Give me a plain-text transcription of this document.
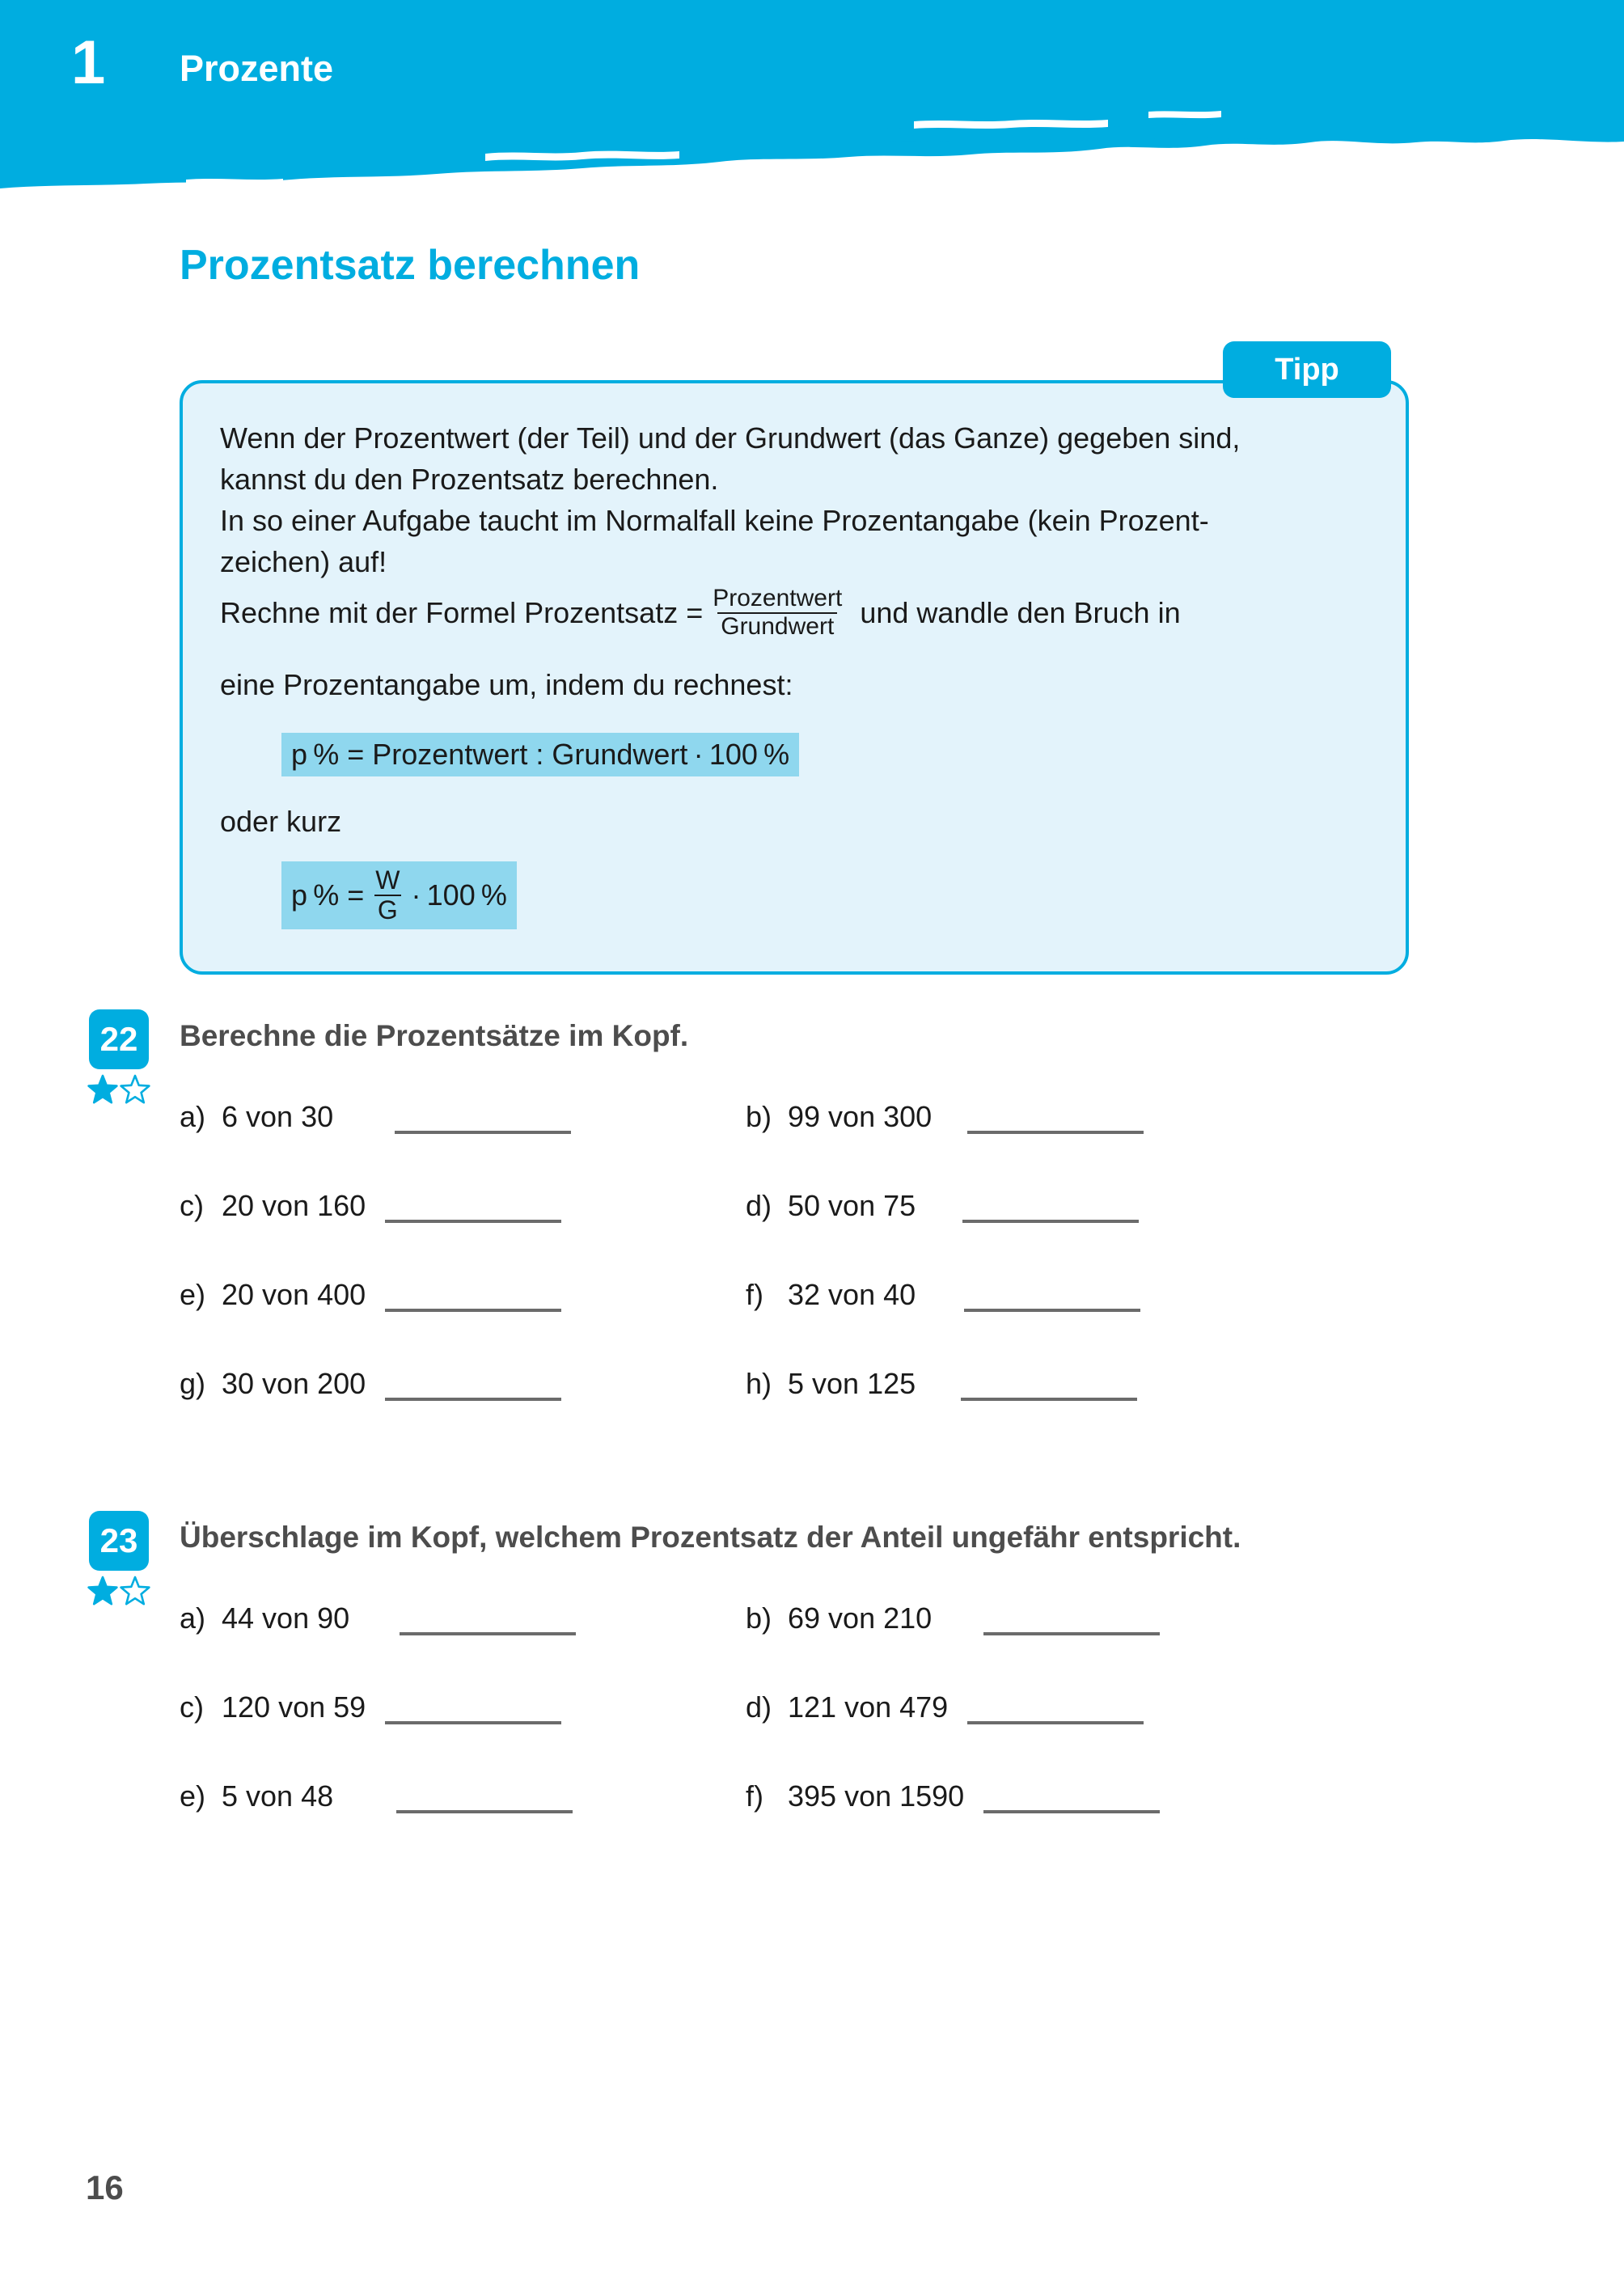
1 Prozente
Prozentsatz berechnen
Tipp
Wenn der Prozentwert (der Teil) und der Grundwert (das Ganze) gegeben sind,
kannst du den Prozentsatz berechnen.
In so einer Aufgabe taucht im Normalfall keine Prozentangabe (kein Prozent-
zeichen) auf!
Rechne mit der Formel Prozentsatz = $\frac{\text{Prozentwert}}{\text{Grundwert}}$ und wandle den Bruch in
eine Prozentangabe um, indem du rechnest:
p % = Prozentwert : Grundwert · 100 %
oder kurz
p % = $\frac{W}{G} \cdot 100$ %
22	Berechne die Prozentsätze im Kopf.
a) 6 von 30	b) 99 von 300
c) 20 von 160	d) 50 von 75
e) 20 von 400	f) 32 von 40
g) 30 von 200	h) 5 von 125
23	Überschlage im Kopf, welchem Prozentsatz der Anteil ungefähr entspricht.
a) 44 von 90	b) 69 von 210
c) 120 von 59	d) 121 von 479
e) 5 von 48	f) 395 von 1590
16
